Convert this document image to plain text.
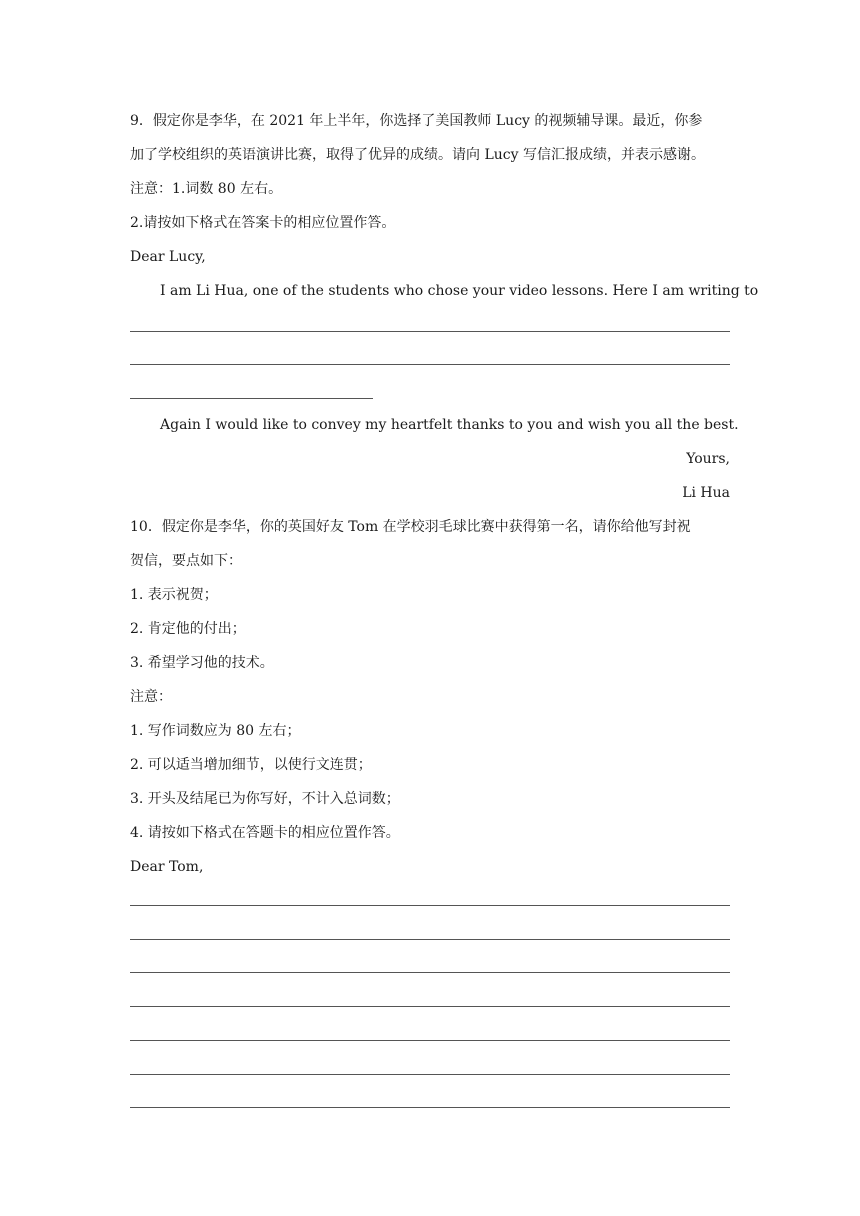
9．假定你是李华，在 2021 年上半年，你选择了美国教师 Lucy 的视频辅导课。最近，你参
加了学校组织的英语演讲比赛，取得了优异的成绩。请向 Lucy 写信汇报成绩，并表示感谢。
注意：1.词数 80 左右。
2.请按如下格式在答案卡的相应位置作答。
Dear Lucy,
I am Li Hua, one of the students who chose your video lessons. Here I am writing to
Again I would like to convey my heartfelt thanks to you and wish you all the best.
Yours,
Li Hua
10．假定你是李华，你的英国好友 Tom 在学校羽毛球比赛中获得第一名，请你给他写封祝
贺信，要点如下：
1. 表示祝贺；
2. 肯定他的付出；
3. 希望学习他的技术。
注意：
1. 写作词数应为 80 左右；
2. 可以适当增加细节，以使行文连贯；
3. 开头及结尾已为你写好，不计入总词数；
4. 请按如下格式在答题卡的相应位置作答。
Dear Tom,
